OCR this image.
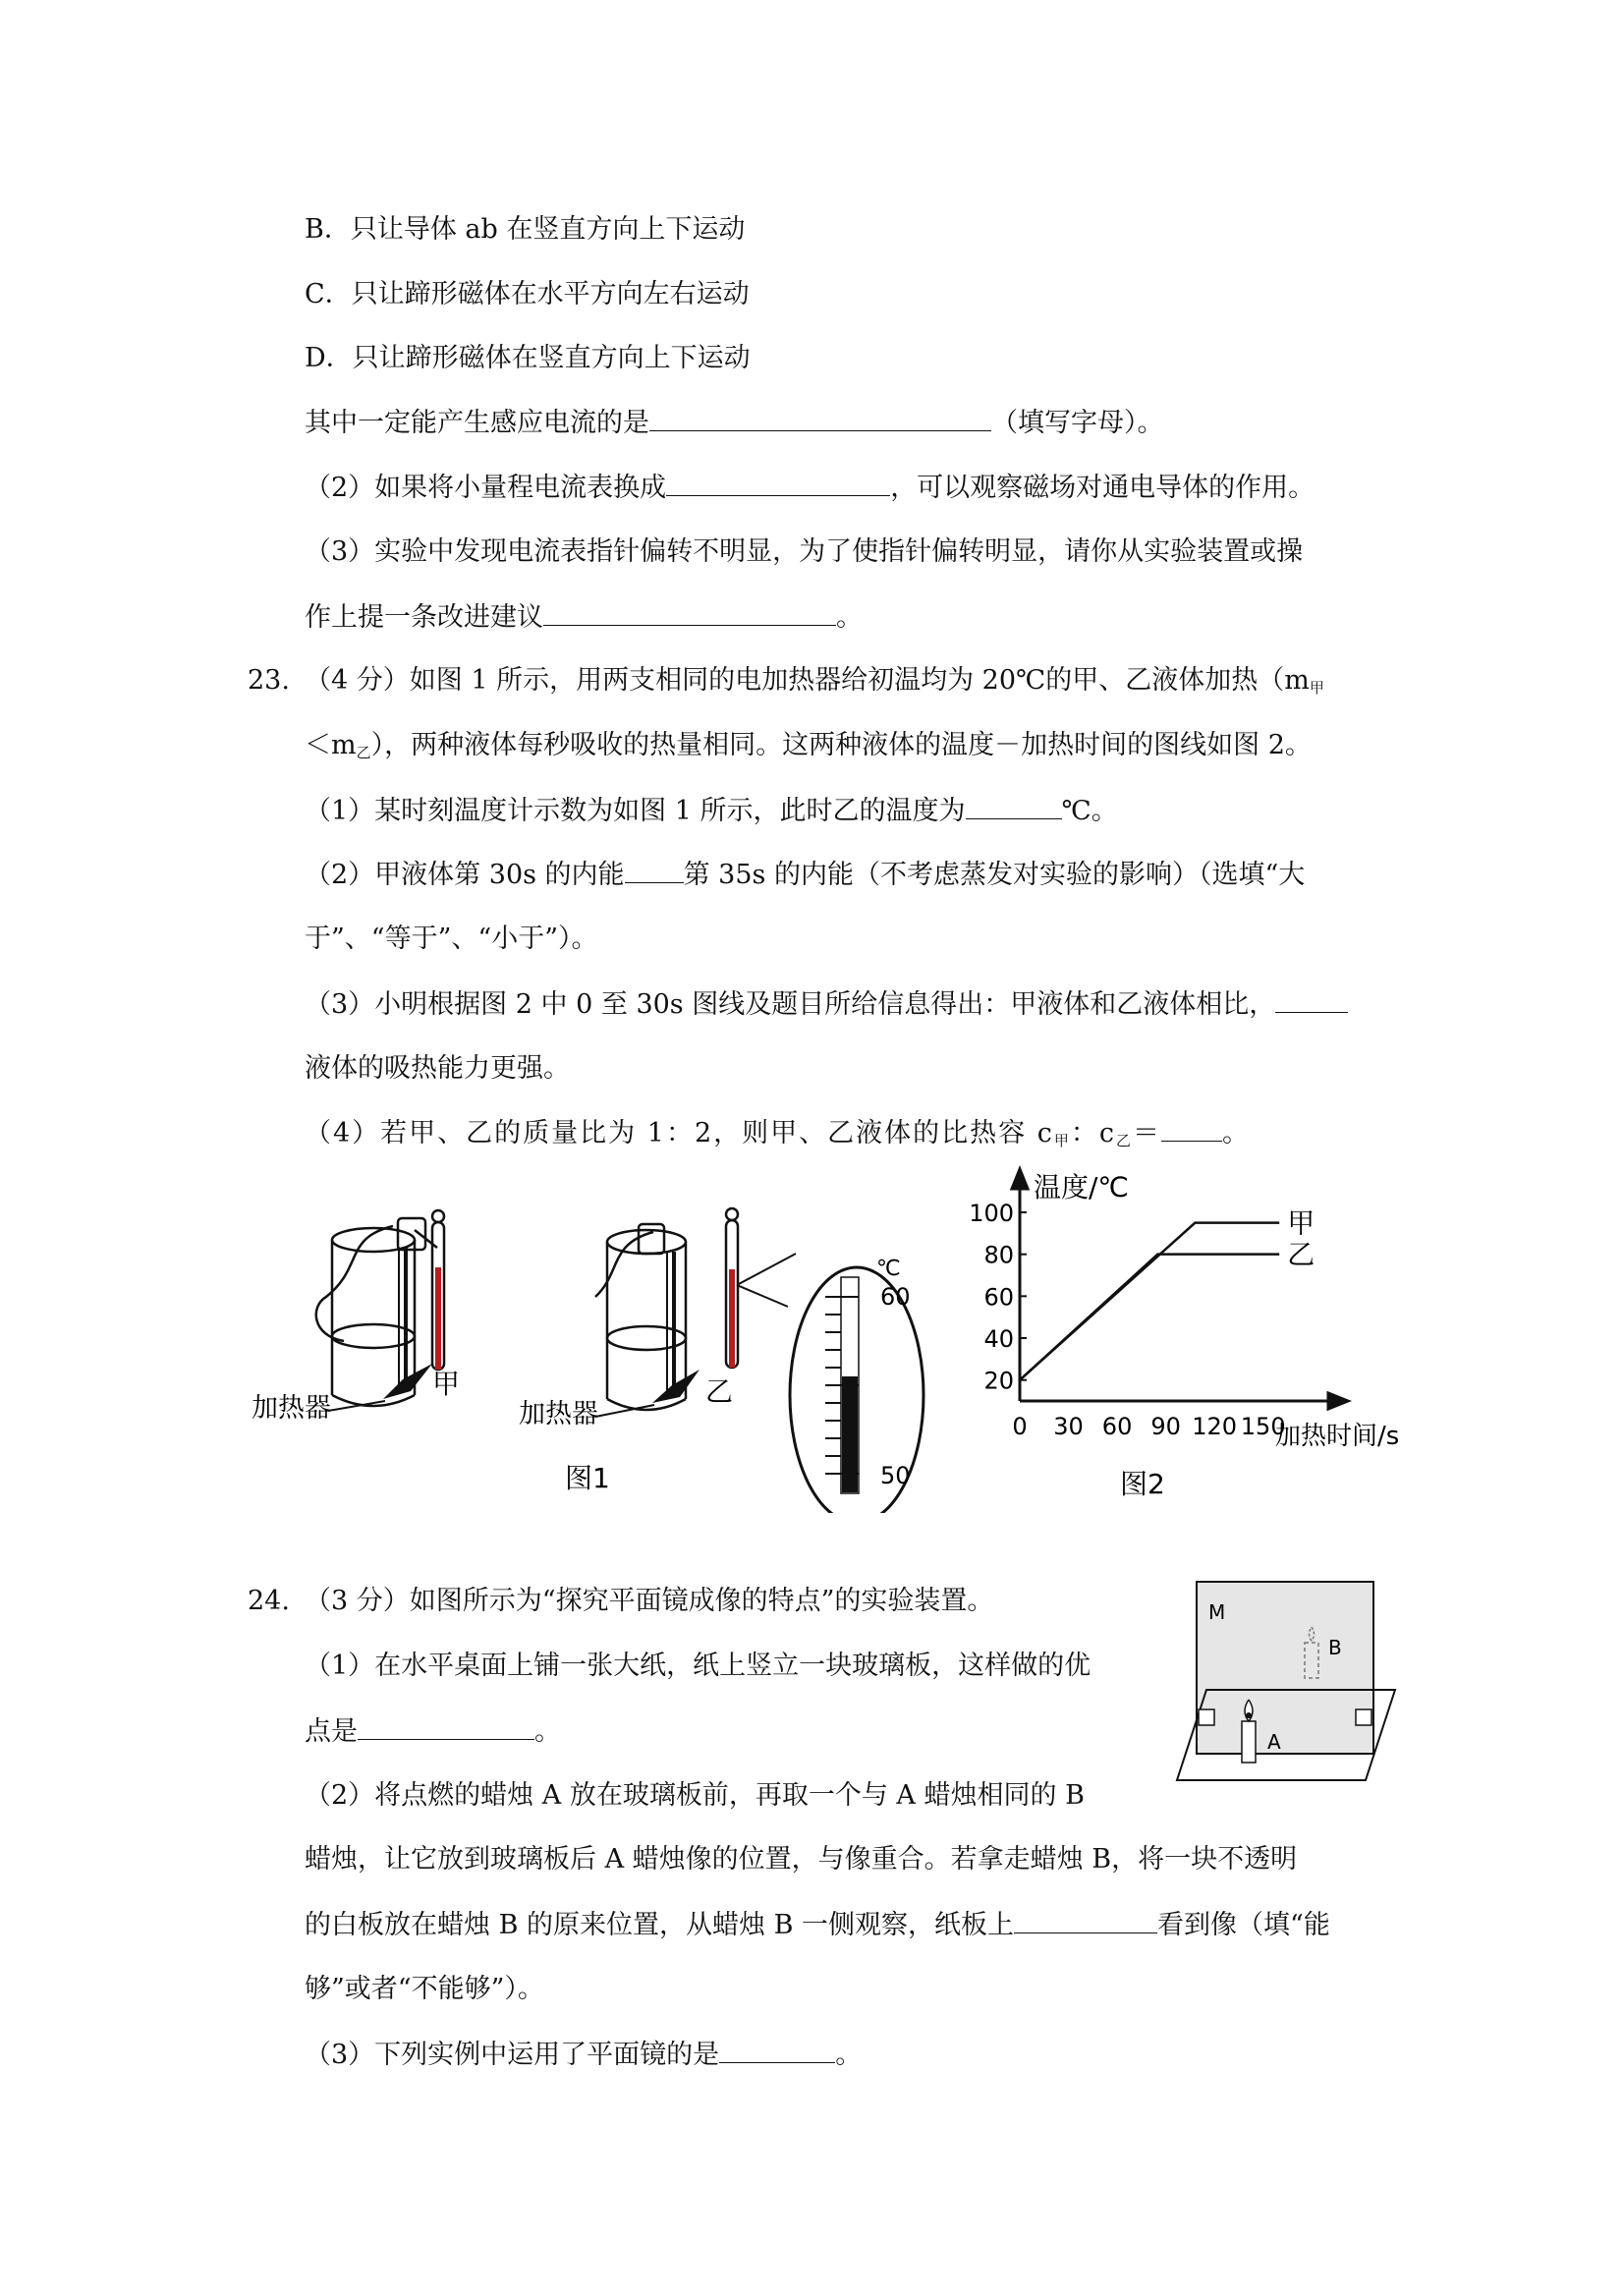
B．只让导体 ab 在竖直方向上下运动
C．只让蹄形磁体在水平方向左右运动
D．只让蹄形磁体在竖直方向上下运动
其中一定能产生感应电流的是	（填写字母）。
（2）如果将小量程电流表换成	，可以观察磁场对通电导体的作用。
（3）实验中发现电流表指针偏转不明显，为了使指针偏转明显，请你从实验装置或操
作上提一条改进建议	。
23. （4 分）如图 1 所示，用两支相同的电加热器给初温均为 20℃的甲、乙液体加热（$m_甲$
$<m_乙$），两种液体每秒吸收的热量相同。这两种液体的温度－加热时间的图线如图 2。
（1）某时刻温度计示数为如图 1 所示，此时乙的温度为	℃。
（2）甲液体第 30s 的内能 第 35s 的内能（不考虑蒸发对实验的影响）（选填“大
于”、“等于”、“小于”）。
（3）小明根据图 2 中 0 至 30s 图线及题目所给信息得出：甲液体和乙液体相比，
液体的吸热能力更强。
（4）若甲、乙的质量比为 1：2，则甲、乙液体的比热容 $c_甲$：$c_乙=$ 。
甲
加热器
乙
加热器
℃
60
50
图1
甲
乙
0 30 60 90 120 150
20
40
60
80
100
温度/℃
加热时间/s
图2
24. （3 分）如图所示为“探究平面镜成像的特点”的实验装置。
（1）在水平桌面上铺一张大纸，纸上竖立一块玻璃板，这样做的优
点是	。
（2）将点燃的蜡烛 A 放在玻璃板前，再取一个与 A 蜡烛相同的 B
蜡烛，让它放到玻璃板后 A 蜡烛像的位置，与像重合。若拿走蜡烛 B，将一块不透明
的白板放在蜡烛 B 的原来位置，从蜡烛 B 一侧观察，纸板上	看到像（填“能
够”或者“不能够”）。
（3）下列实例中运用了平面镜的是	。
M
B
A
